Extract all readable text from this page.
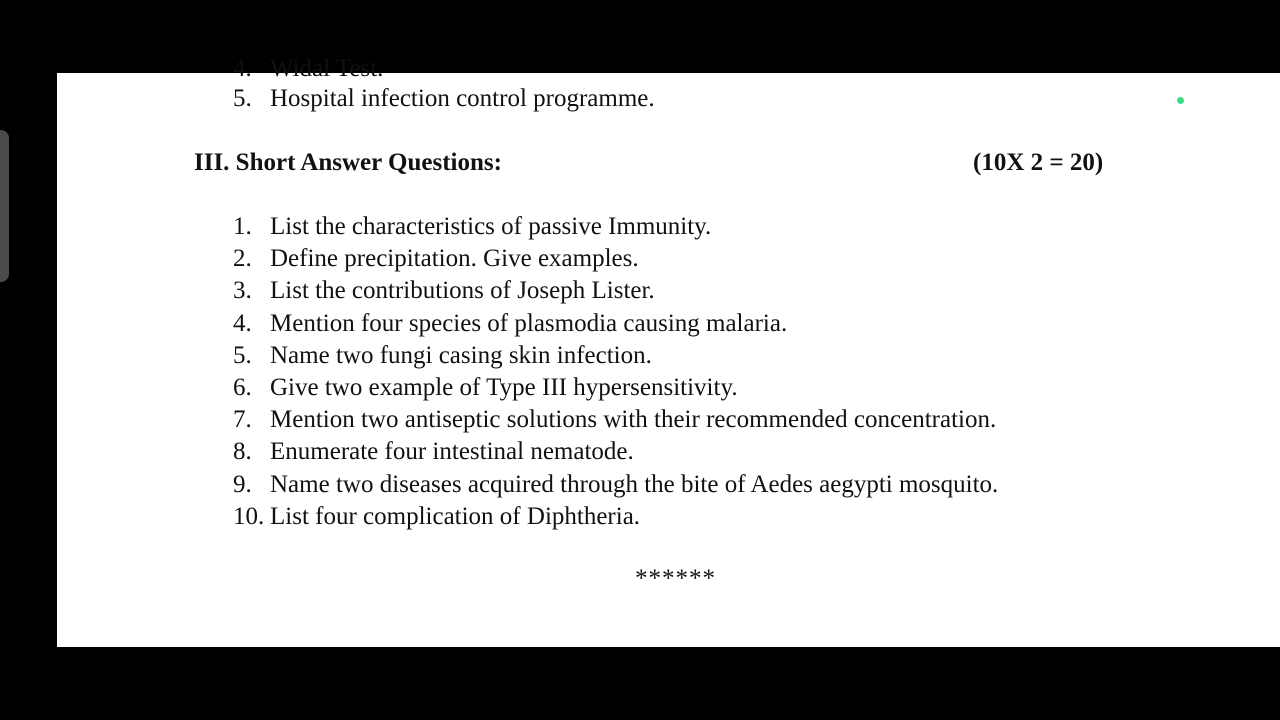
4. Widal Test.
5. Hospital infection control programme.
III. Short Answer Questions:	(10X 2 = 20)
1. List the characteristics of passive Immunity.
2. Define precipitation. Give examples.
3. List the contributions of Joseph Lister.
4. Mention four species of plasmodia causing malaria.
5. Name two fungi casing skin infection.
6. Give two example of Type III hypersensitivity.
7. Mention two antiseptic solutions with their recommended concentration.
8. Enumerate four intestinal nematode.
9. Name two diseases acquired through the bite of Aedes aegypti mosquito.
10. List four complication of Diphtheria.
******
